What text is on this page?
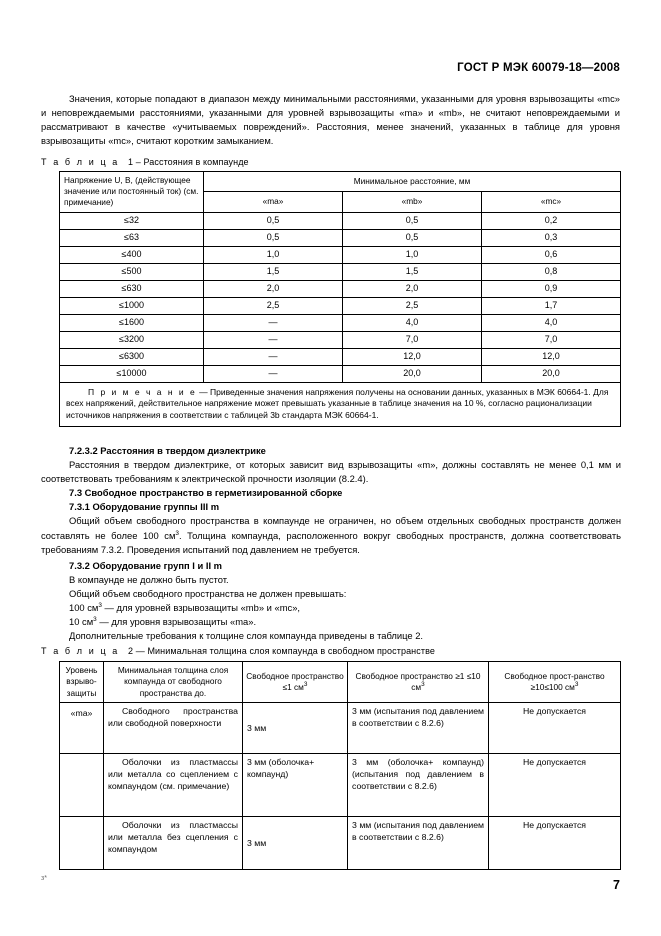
ГОСТ Р МЭК 60079-18—2008

Значения, которые попадают в диапазон между минимальными расстояниями, указанными для уровня взрывозащиты «mc» и неповреждаемыми расстояниями, указанными для уровней взрывозащиты «ma» и «mb», не считают неповреждаемыми и рассматривают в качестве «учитываемых повреждений». Расстояния, менее значений, указанных в таблице для уровня взрывозащиты «mc», считают коротким замыканием.

Т а б л и ц а 1 – Расстояния в компаунде

Напряжение U, В, (действующее значение или постоянный ток) (см. примечание)	Минимальное расстояние, мм		
	«ma»	«mb»	«mc»
≤32	0,5	0,5	0,2
≤63	0,5	0,5	0,3
≤400	1,0	1,0	0,6
≤500	1,5	1,5	0,8
≤630	2,0	2,0	0,9
≤1000	2,5	2,5	1,7
≤1600	—	4,0	4,0
≤3200	—	7,0	7,0
≤6300	—	12,0	12,0
≤10000	—	20,0	20,0
П р и м е ч а н и е — Приведенные значения напряжения получены на основании данных, указанных в МЭК 60664-1. Для всех напряжений, действительное напряжение может превышать указанные в таблице значения на 10 %, согласно рационализации источников напряжения в соответствии с таблицей 3b стандарта МЭК 60664-1.			

7.2.3.2 Расстояния в твердом диэлектрике

Расстояния в твердом диэлектрике, от которых зависит вид взрывозащиты «m», должны составлять не менее 0,1 мм и соответствовать требованиям к электрической прочности изоляции (8.2.4).

7.3 Свободное пространство в герметизированной сборке

7.3.1 Оборудование группы III m

Общий объем свободного пространства в компаунде не ограничен, но объем отдельных свободных пространств должен составлять не более 100 $см^3$. Толщина компаунда, расположенного вокруг свободных пространств, должна соответствовать требованиям 7.3.2. Проведения испытаний под давлением не требуется.

7.3.2 Оборудование групп I и II m

В компаунде не должно быть пустот.

Общий объем свободного пространства не должен превышать:

100 $см^3$ — для уровней взрывозащиты «mb» и «mc»,

10 $см^3$ — для уровня взрывозащиты «ma».

Дополнительные требования к толщине слоя компаунда приведены в таблице 2.

Т а б л и ц а 2 — Минимальная толщина слоя компаунда в свободном пространстве

Уровень взрыво-защиты	Минимальная толщина слоя компаунда от свободного пространства до.	Свободное пространство ≤1 $см^3$	Свободное пространство ≥1 ≤10 $см^3$	Свободное прост-ранство ≥10≤100 $см^3$
«ma»	Свободного пространства или свободной поверхности	3 мм	3 мм (испытания под давлением в соответствии с 8.2.6)	Не допускается
	Оболочки из пластмассы или металла со сцеплением с компаундом (см. примечание)	3 мм (оболочка+ компаунд)	3 мм (оболочка+ компаунд) (испытания под давлением в соответствии с 8.2.6)	Не допускается
	Оболочки из пластмассы или металла без сцепления с компаундом	3 мм	3 мм (испытания под давлением в соответствии с 8.2.6)	Не допускается
з*	7
